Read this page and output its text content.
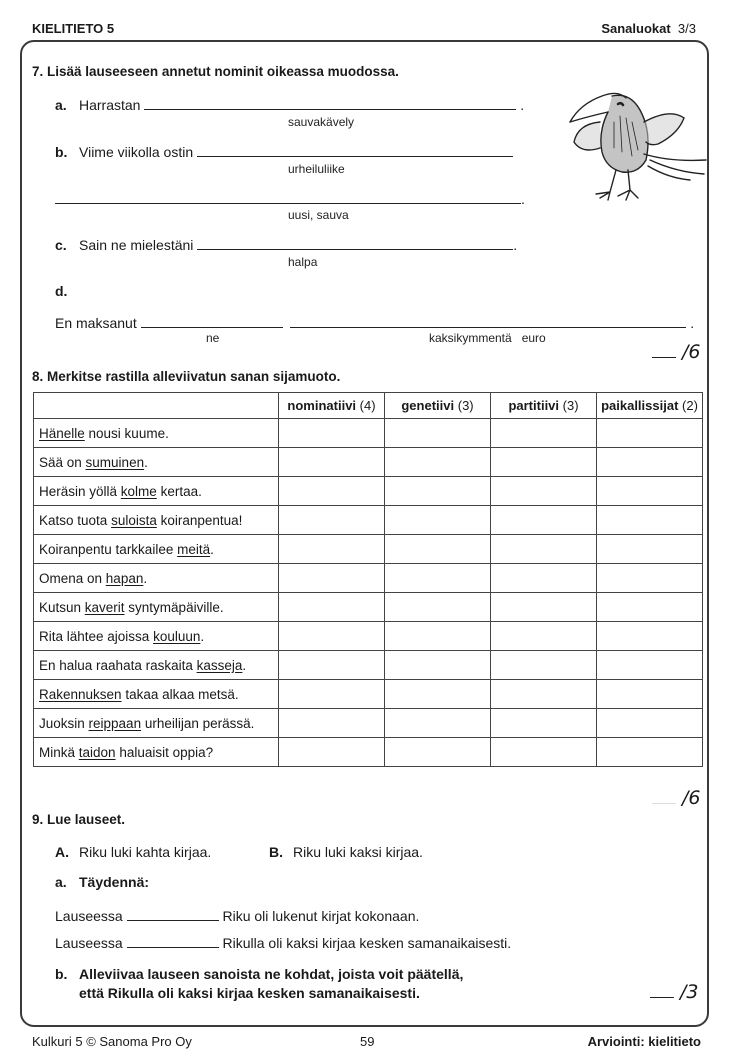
KIELITIETO 5	Sanaluokat 3/3
7. Lisää lauseeseen annetut nominit oikeassa muodossa.
a. Harrastan	.
sauvakävely
b. Viime viikolla ostin
urheiluliike
.
uusi, sauva
c. Sain ne mielestäni	.
halpa
d.
En maksanut	.
ne	kaksikymmentä   euro
/6
8. Merkitse rastilla alleviivatun sanan sijamuoto.
	nominatiivi (4)	genetiivi (3)	partitiivi (3)	paikallissijat (2)
Hänelle nousi kuume.				
Sää on sumuinen.				
Heräsin yöllä kolme kertaa.				
Katso tuota suloista koiranpentua!				
Koiranpentu tarkkailee meitä.				
Omena on hapan.				
Kutsun kaverit syntymäpäiville.				
Rita lähtee ajoissa kouluun.				
En halua raahata raskaita kasseja.				
Rakennuksen takaa alkaa metsä.				
Juoksin reippaan urheilijan perässä.				
Minkä taidon haluaisit oppia?				
/6
9. Lue lauseet.
A. Riku luki kahta kirjaa.	B. Riku luki kaksi kirjaa.
a. Täydennä:
Lauseessa	Riku oli lukenut kirjat kokonaan.
Lauseessa	Rikulla oli kaksi kirjaa kesken samanaikaisesti.
b. Alleviivaa lauseen sanoista ne kohdat, joista voit päätellä,
että Rikulla oli kaksi kirjaa kesken samanaikaisesti.	/3
Kulkuri 5 © Sanoma Pro Oy	59	Arviointi: kielitieto
